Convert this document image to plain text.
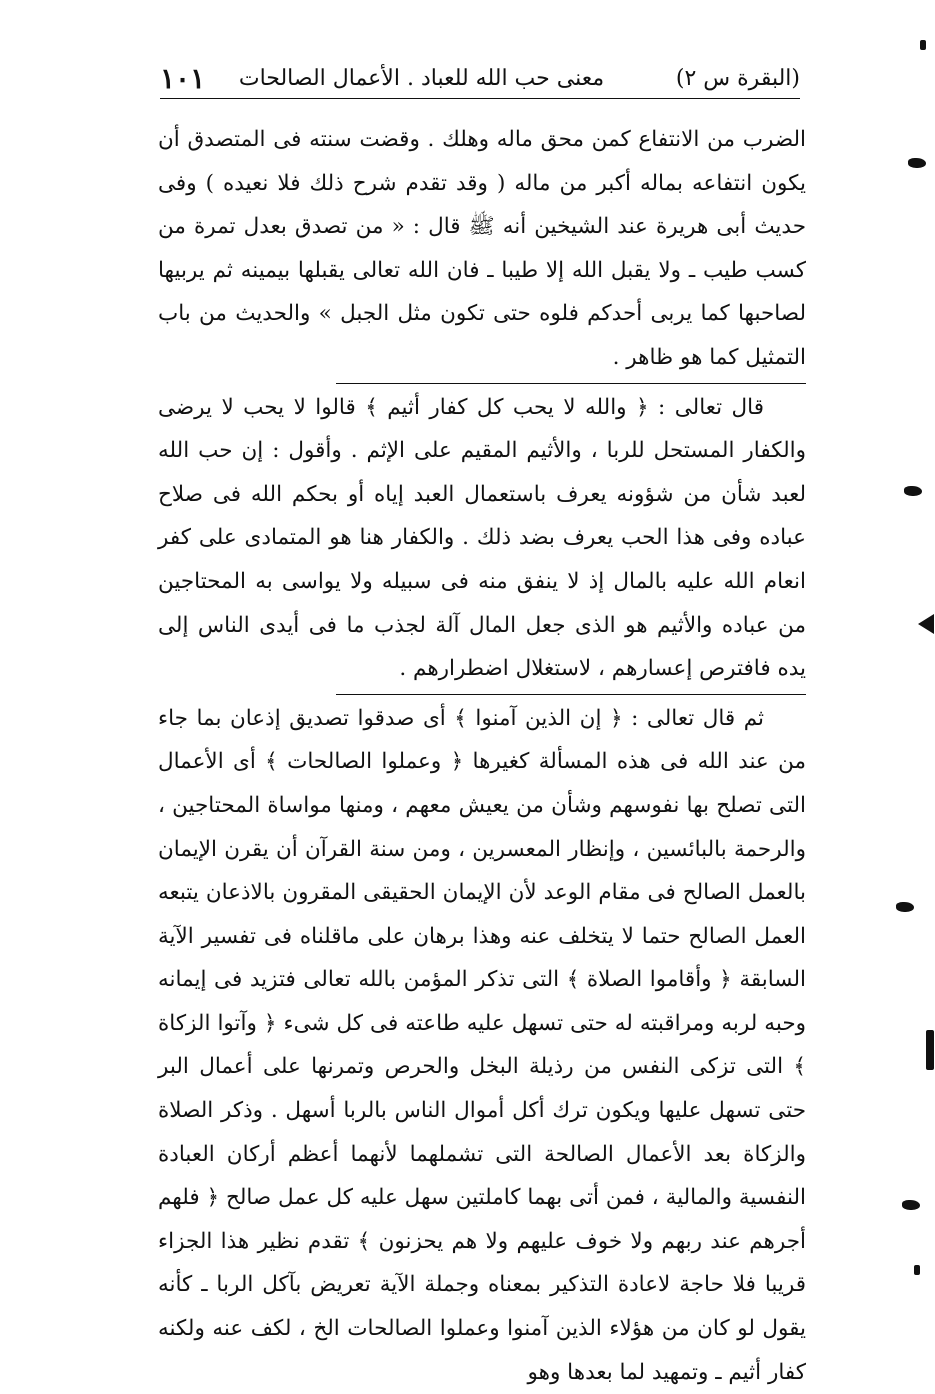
(البقرة س ٢)
معنى حب الله للعباد . الأعمال الصالحات
١٠١

الضرب من الانتفاع كمن محق ماله وهلك . وقضت سنته فى المتصدق أن يكون انتفاعه بماله أكبر من ماله ( وقد تقدم شرح ذلك فلا نعيده ) وفى حديث أبى هريرة عند الشيخين أنه ﷺ قال : « من تصدق بعدل تمرة من كسب طيب ـ ولا يقبل الله إلا طيبا ـ فان الله تعالى يقبلها بيمينه ثم يربيها لصاحبها كما يربى أحدكم فلوه حتى تكون مثل الجبل » والحديث من باب التمثيل كما هو ظاهر .

قال تعالى : ﴿ والله لا يحب كل كفار أثيم ﴾ قالوا لا يحب لا يرضى والكفار المستحل للربا ، والأثيم المقيم على الإثم . وأقول : إن حب الله لعبد شأن من شؤونه يعرف باستعمال العبد إياه أو بحكم الله فى صلاح عباده وفى هذا الحب يعرف بضد ذلك . والكفار هنا هو المتمادى على كفر انعام الله عليه بالمال إذ لا ينفق منه فى سبيله ولا يواسى به المحتاجين من عباده والأثيم هو الذى جعل المال آلة لجذب ما فى أيدى الناس إلى يده فافترص إعسارهم ، لاستغلال اضطرارهم .

ثم قال تعالى : ﴿ إن الذين آمنوا ﴾ أى صدقوا تصديق إذعان بما جاء من عند الله فى هذه المسألة كغيرها ﴿ وعملوا الصالحات ﴾ أى الأعمال التى تصلح بها نفوسهم وشأن من يعيش معهم ، ومنها مواساة المحتاجين ، والرحمة بالبائسين ، وإنظار المعسرين ، ومن سنة القرآن أن يقرن الإيمان بالعمل الصالح فى مقام الوعد لأن الإيمان الحقيقى المقرون بالاذعان يتبعه العمل الصالح حتما لا يتخلف عنه وهذا برهان على ماقلناه فى تفسير الآية السابقة ﴿ وأقاموا الصلاة ﴾ التى تذكر المؤمن بالله تعالى فتزيد فى إيمانه وحبه لربه ومراقبته له حتى تسهل عليه طاعته فى كل شىء ﴿ وآتوا الزكاة ﴾ التى تزكى النفس من رذيلة البخل والحرص وتمرنها على أعمال البر حتى تسهل عليها ويكون ترك أكل أموال الناس بالربا أسهل . وذكر الصلاة والزكاة بعد الأعمال الصالحة التى تشملهما لأنهما أعظم أركان العبادة النفسية والمالية ، فمن أتى بهما كاملتين سهل عليه كل عمل صالح ﴿ فلهم أجرهم عند ربهم ولا خوف عليهم ولا هم يحزنون ﴾ تقدم نظير هذا الجزاء قريبا فلا حاجة لاعادة التذكير بمعناه وجملة الآية تعريض بآكل الربا ـ كأنه يقول لو كان من هؤلاء الذين آمنوا وعملوا الصالحات الخ ، لكف عنه ولكنه كفار أثيم ـ وتمهيد لما بعدها وهو
